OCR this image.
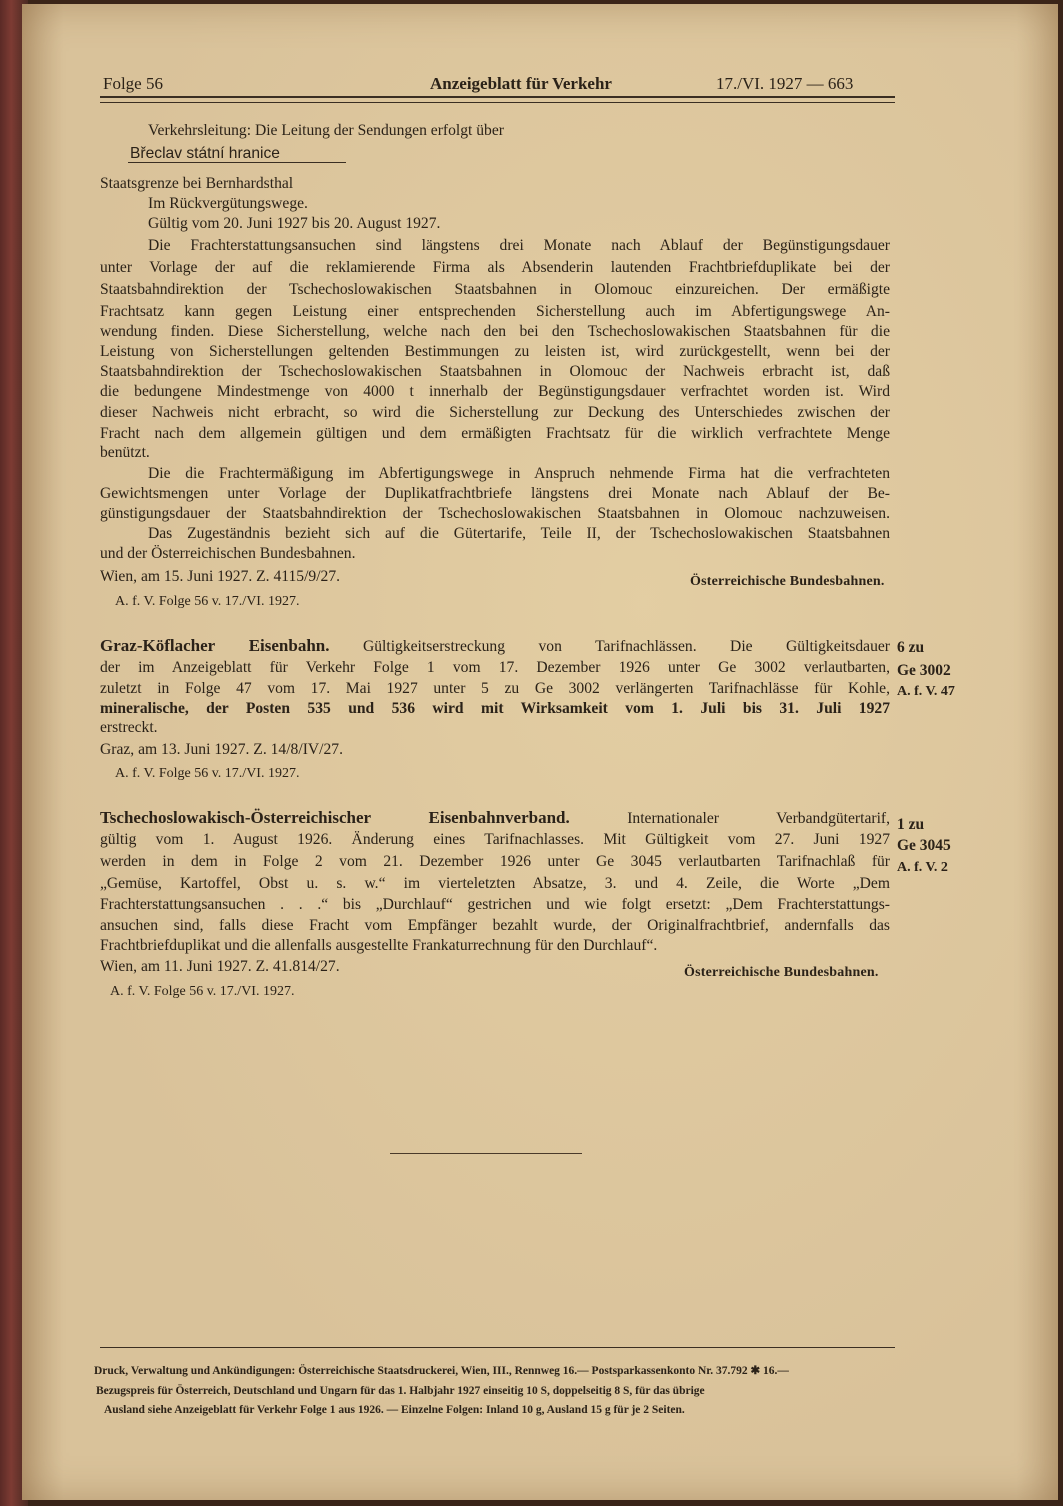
Folge 56	Anzeigeblatt für Verkehr	17./VI. 1927 — 663
Verkehrsleitung: Die Leitung der Sendungen erfolgt über
Břeclav státní hranice
Staatsgrenze bei Bernhardsthal
Im Rückvergütungswege.
Gültig vom 20. Juni 1927 bis 20. August 1927.
Die Frachterstattungsansuchen sind längstens drei Monate nach Ablauf der Begünstigungsdauer
unter Vorlage der auf die reklamierende Firma als Absenderin lautenden Frachtbriefduplikate bei der
Staatsbahndirektion der Tschechoslowakischen Staatsbahnen in Olomouc einzureichen. Der ermäßigte
Frachtsatz kann gegen Leistung einer entsprechenden Sicherstellung auch im Abfertigungswege An-
wendung finden. Diese Sicherstellung, welche nach den bei den Tschechoslowakischen Staatsbahnen für die
Leistung von Sicherstellungen geltenden Bestimmungen zu leisten ist, wird zurückgestellt, wenn bei der
Staatsbahndirektion der Tschechoslowakischen Staatsbahnen in Olomouc der Nachweis erbracht ist, daß
die bedungene Mindestmenge von 4000 t innerhalb der Begünstigungsdauer verfrachtet worden ist. Wird
dieser Nachweis nicht erbracht, so wird die Sicherstellung zur Deckung des Unterschiedes zwischen der
Fracht nach dem allgemein gültigen und dem ermäßigten Frachtsatz für die wirklich verfrachtete Menge
benützt.
Die die Frachtermäßigung im Abfertigungswege in Anspruch nehmende Firma hat die verfrachteten
Gewichtsmengen unter Vorlage der Duplikatfrachtbriefe längstens drei Monate nach Ablauf der Be-
günstigungsdauer der Staatsbahndirektion der Tschechoslowakischen Staatsbahnen in Olomouc nachzuweisen.
Das Zugeständnis bezieht sich auf die Gütertarife, Teile II, der Tschechoslowakischen Staatsbahnen
und der Österreichischen Bundesbahnen.
Wien, am 15. Juni 1927. Z. 4115/9/27.	Österreichische Bundesbahnen.
A. f. V. Folge 56 v. 17./VI. 1927.
Graz-Köflacher Eisenbahn. Gültigkeitserstreckung von Tarifnachlässen. Die Gültigkeitsdauer
der im Anzeigeblatt für Verkehr Folge 1 vom 17. Dezember 1926 unter Ge 3002 verlautbarten,
zuletzt in Folge 47 vom 17. Mai 1927 unter 5 zu Ge 3002 verlängerten Tarifnachlässe für Kohle,
mineralische, der Posten 535 und 536 wird mit Wirksamkeit vom 1. Juli bis 31. Juli 1927
erstreckt.
Graz, am 13. Juni 1927. Z. 14/8/IV/27.
A. f. V. Folge 56 v. 17./VI. 1927.
6 zu
Ge 3002
A. f. V. 47
Tschechoslowakisch-Österreichischer Eisenbahnverband.	Internationaler Verbandgütertarif,
gültig vom 1. August 1926. Änderung eines Tarifnachlasses. Mit Gültigkeit vom 27. Juni 1927
werden in dem in Folge 2 vom 21. Dezember 1926 unter Ge 3045 verlautbarten Tarifnachlaß für
„Gemüse, Kartoffel, Obst u. s. w.“ im vierteletzten Absatze, 3. und 4. Zeile, die Worte „Dem
Frachterstattungsansuchen . . .“ bis „Durchlauf“ gestrichen und wie folgt ersetzt: „Dem Frachterstattungs-
ansuchen sind, falls diese Fracht vom Empfänger bezahlt wurde, der Originalfrachtbrief, andernfalls das
Frachtbriefduplikat und die allenfalls ausgestellte Frankaturrechnung für den Durchlauf“.
Wien, am 11. Juni 1927. Z. 41.814/27.	Österreichische Bundesbahnen.
A. f. V. Folge 56 v. 17./VI. 1927.
1 zu
Ge 3045
A. f. V. 2
Druck, Verwaltung und Ankündigungen: Österreichische Staatsdruckerei, Wien, III., Rennweg 16.— Postsparkassenkonto Nr. 37.792 ✱ 16.—
Bezugspreis für Österreich, Deutschland und Ungarn für das 1. Halbjahr 1927 einseitig 10 S, doppelseitig 8 S, für das übrige
Ausland siehe Anzeigeblatt für Verkehr Folge 1 aus 1926. — Einzelne Folgen: Inland 10 g, Ausland 15 g für je 2 Seiten.
